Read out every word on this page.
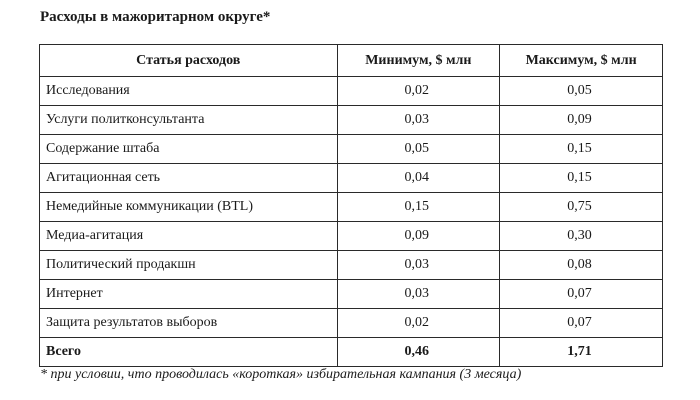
Расходы в мажоритарном округе*
Статья расходов	Минимум, $ млн	Максимум, $ млн
Исследования	0,02	0,05
Услуги политконсультанта	0,03	0,09
Содержание штаба	0,05	0,15
Агитационная сеть	0,04	0,15
Немедийные коммуникации (BTL)	0,15	0,75
Медиа-агитация	0,09	0,30
Политический продакшн	0,03	0,08
Интернет	0,03	0,07
Защита результатов выборов	0,02	0,07
Всего	0,46	1,71

* при условии, что проводилась «короткая» избирательная кампания (3 месяца)
